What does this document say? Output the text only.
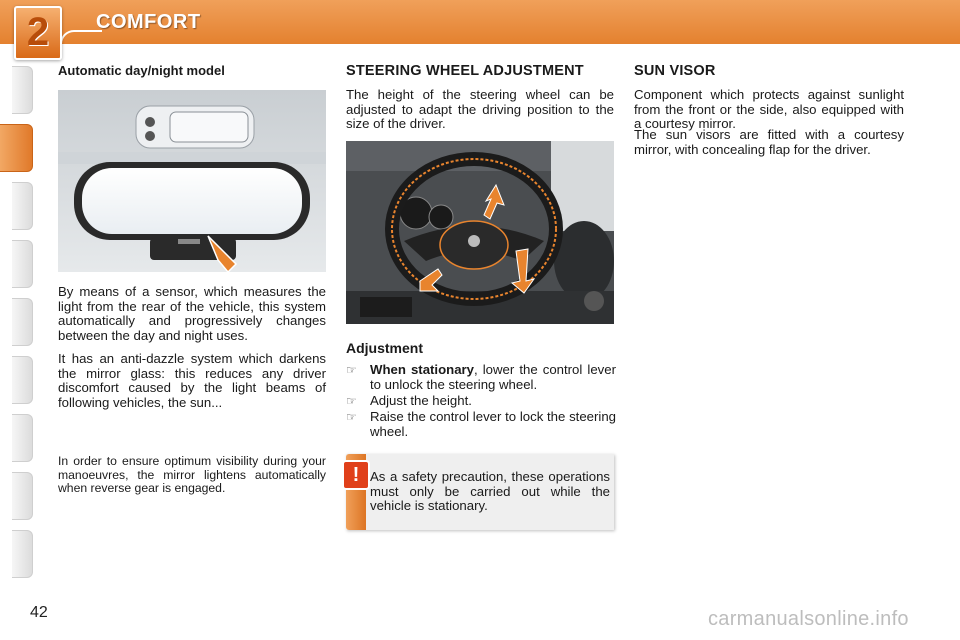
2	COMFORT
Automatic day/night model
By means of a sensor, which measures the light from the rear of the vehicle, this system automatically and progressively changes between the day and night uses.
It has an anti-dazzle system which darkens the mirror glass: this reduces any driver discomfort caused by the light beams of following vehicles, the sun...
In order to ensure optimum visibility during your manoeuvres, the mirror lightens automatically when reverse gear is engaged.
STEERING WHEEL ADJUSTMENT
The height of the steering wheel can be adjusted to adapt the driving position to the size of the driver.
Adjustment
☞ When stationary, lower the control lever to unlock the steering wheel.
☞ Adjust the height.
☞ Raise the control lever to lock the steering wheel.
! As a safety precaution, these operations must only be carried out while the vehicle is stationary.
SUN VISOR
Component which protects against sunlight from the front or the side, also equipped with a courtesy mirror.
The sun visors are fitted with a courtesy mirror, with concealing flap for the driver.
42	carmanualsonline.info
